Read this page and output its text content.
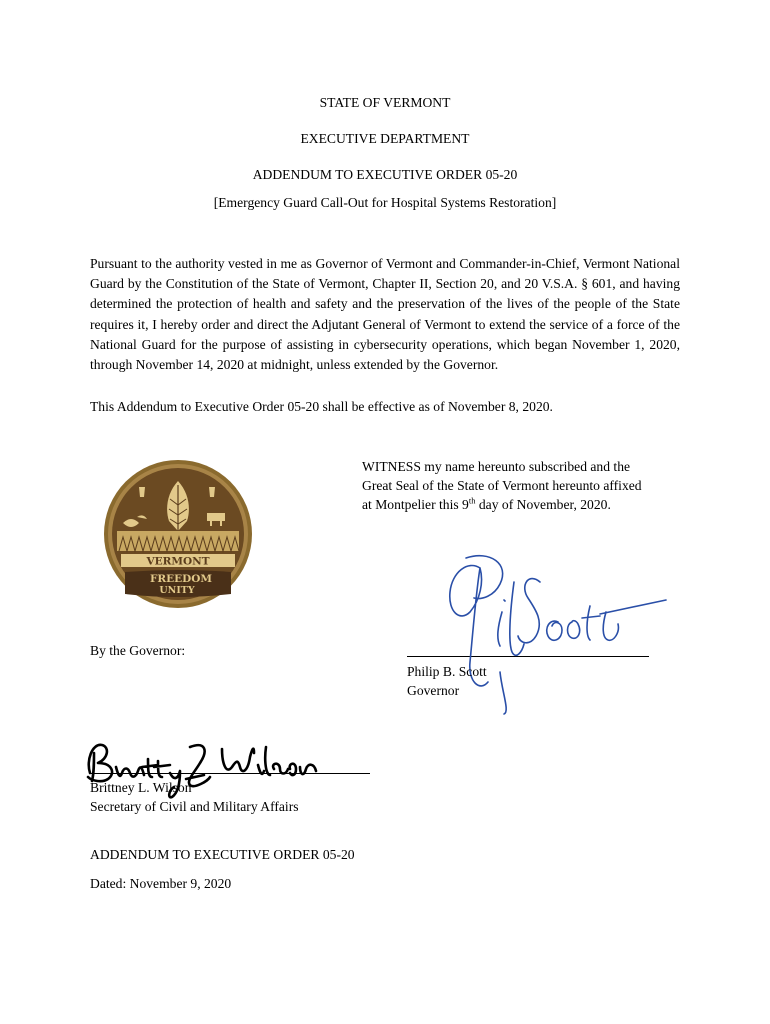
STATE OF VERMONT
EXECUTIVE DEPARTMENT
ADDENDUM TO EXECUTIVE ORDER 05-20
[Emergency Guard Call-Out for Hospital Systems Restoration]
Pursuant to the authority vested in me as Governor of Vermont and Commander-in-Chief, Vermont National Guard by the Constitution of the State of Vermont, Chapter II, Section 20, and 20 V.S.A. § 601, and having determined the protection of health and safety and the preservation of the lives of the people of the State requires it, I hereby order and direct the Adjutant General of Vermont to extend the service of a force of the National Guard for the purpose of assisting in cybersecurity operations, which began November 1, 2020, through November 14, 2020 at midnight, unless extended by the Governor.
This Addendum to Executive Order 05-20 shall be effective as of November 8, 2020.
VERMONT
FREEDOM
UNITY
WITNESS my name hereunto subscribed and the
Great Seal of the State of Vermont hereunto affixed
at Montpelier this 9th day of November, 2020.
By the Governor:
Philip B. Scott
Governor
Brittney L. Wilson
Secretary of Civil and Military Affairs
ADDENDUM TO EXECUTIVE ORDER 05-20
Dated: November 9, 2020
